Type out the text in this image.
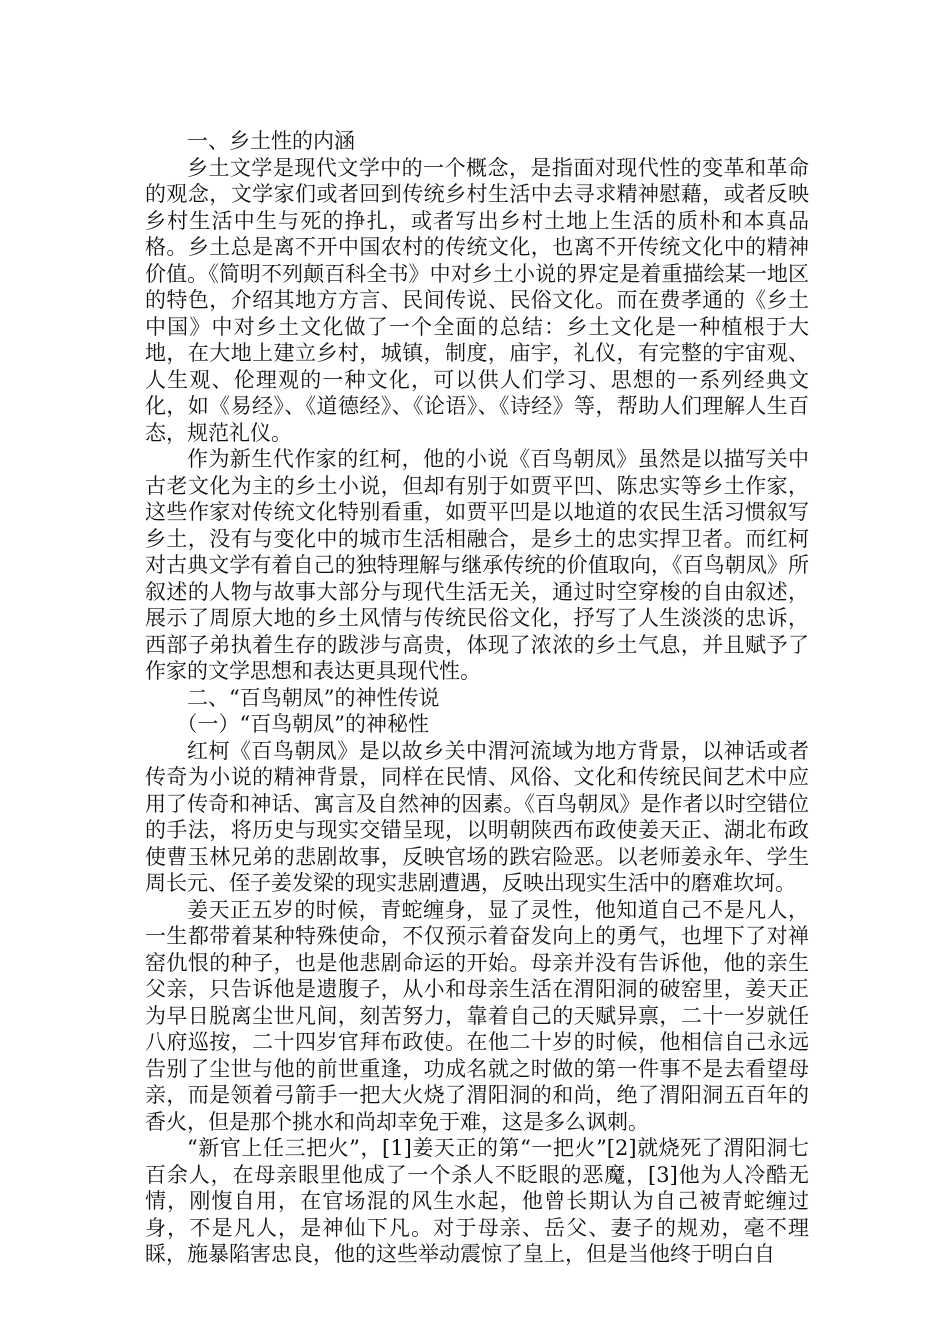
一、乡土性的内涵

乡土文学是现代文学中的一个概念，是指面对现代性的变革和革命的观念，文学家们或者回到传统乡村生活中去寻求精神慰藉，或者反映乡村生活中生与死的挣扎，或者写出乡村土地上生活的质朴和本真品格。乡土总是离不开中国农村的传统文化，也离不开传统文化中的精神价值。《简明不列颠百科全书》中对乡土小说的界定是着重描绘某一地区的特色，介绍其地方方言、民间传说、民俗文化。而在费孝通的《乡土中国》中对乡土文化做了一个全面的总结：乡土文化是一种植根于大地，在大地上建立乡村，城镇，制度，庙宇，礼仪，有完整的宇宙观、人生观、伦理观的一种文化，可以供人们学习、思想的一系列经典文化，如《易经》、《道德经》、《论语》、《诗经》等，帮助人们理解人生百态，规范礼仪。

作为新生代作家的红柯，他的小说《百鸟朝凤》虽然是以描写关中古老文化为主的乡土小说，但却有别于如贾平凹、陈忠实等乡土作家，这些作家对传统文化特别看重，如贾平凹是以地道的农民生活习惯叙写乡土，没有与变化中的城市生活相融合，是乡土的忠实捍卫者。而红柯对古典文学有着自己的独特理解与继承传统的价值取向，《百鸟朝凤》所叙述的人物与故事大部分与现代生活无关，通过时空穿梭的自由叙述，展示了周原大地的乡土风情与传统民俗文化，抒写了人生淡淡的忠诉，西部子弟执着生存的跋涉与高贵，体现了浓浓的乡土气息，并且赋予了作家的文学思想和表达更具现代性。

二、“百鸟朝凤”的神性传说

（一）“百鸟朝凤”的神秘性

红柯《百鸟朝凤》是以故乡关中渭河流域为地方背景，以神话或者传奇为小说的精神背景，同样在民情、风俗、文化和传统民间艺术中应用了传奇和神话、寓言及自然神的因素。《百鸟朝凤》是作者以时空错位的手法，将历史与现实交错呈现，以明朝陕西布政使姜天正、湖北布政使曹玉林兄弟的悲剧故事，反映官场的跌宕险恶。以老师姜永年、学生周长元、侄子姜发梁的现实悲剧遭遇，反映出现实生活中的磨难坎坷。

姜天正五岁的时候，青蛇缠身，显了灵性，他知道自己不是凡人，一生都带着某种特殊使命，不仅预示着奋发向上的勇气，也埋下了对禅窑仇恨的种子，也是他悲剧命运的开始。母亲并没有告诉他，他的亲生父亲，只告诉他是遗腹子，从小和母亲生活在渭阳洞的破窑里，姜天正为早日脱离尘世凡间，刻苦努力，靠着自己的天赋异禀，二十一岁就任八府巡按，二十四岁官拜布政使。在他二十岁的时候，他相信自己永远告别了尘世与他的前世重逢，功成名就之时做的第一件事不是去看望母亲，而是领着弓箭手一把大火烧了渭阳洞的和尚，绝了渭阳洞五百年的香火，但是那个挑水和尚却幸免于难，这是多么讽刺。

“新官上任三把火”，[1]姜天正的第“一把火”[2]就烧死了渭阳洞七百余人，在母亲眼里他成了一个杀人不眨眼的恶魔，[3]他为人冷酷无情，刚愎自用，在官场混的风生水起，他曾长期认为自己被青蛇缠过身，不是凡人，是神仙下凡。对于母亲、岳父、妻子的规劝，毫不理睬，施暴陷害忠良，他的这些举动震惊了皇上，但是当他终于明白自
